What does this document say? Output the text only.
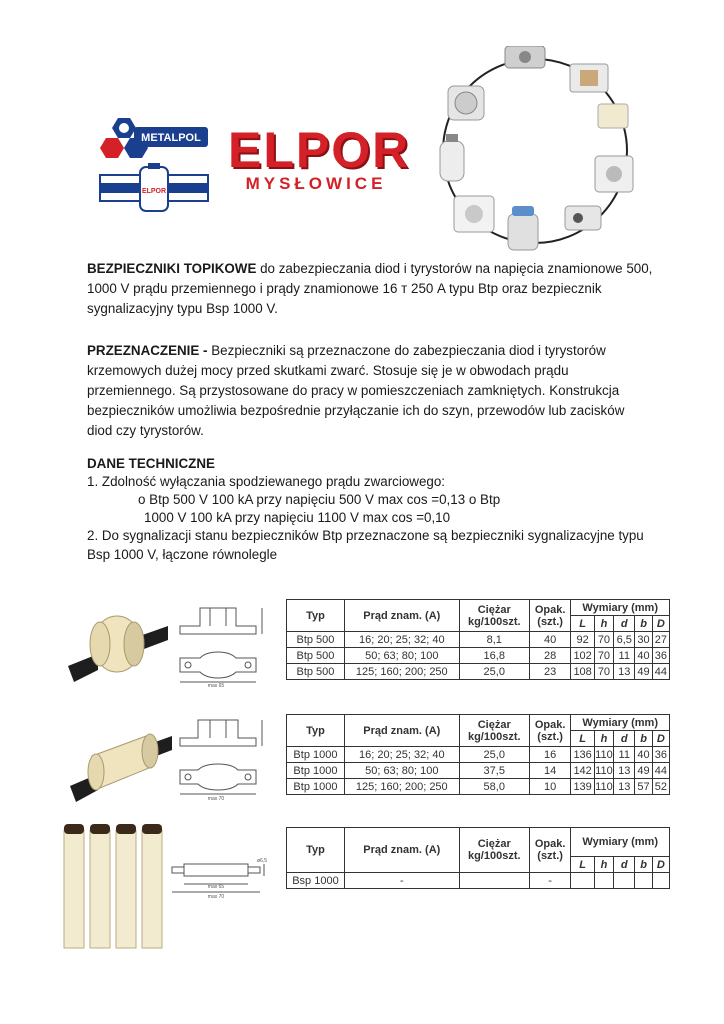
METALPOL
ELPOR
ELPOR
MYSŁOWICE
BEZPIECZNIKI TOPIKOWE do zabezpieczania diod i tyrystorów na napięcia znamionowe 500,
1000 V prądu przemiennego i prądy znamionowe 16 т 250 A typu Btp oraz bezpiecznik
sygnalizacyjny typu Bsp 1000 V.
PRZEZNACZENIE - Bezpieczniki są przeznaczone do zabezpieczania diod i tyrystorów
krzemowych dużej mocy przed skutkami zwarć. Stosuje się je w obwodach prądu
przemiennego. Są przystosowane do pracy w pomieszczeniach zamkniętych. Konstrukcja
bezpieczników umożliwia bezpośrednie przyłączanie ich do szyn, przewodów lub zacisków
diod czy tyrystorów.
DANE TECHNICZNE
1. Zdolność wyłączania spodziewanego prądu zwarciowego:
o Btp 500 V 100 kA przy napięciu 500 V max cos =0,13 o Btp
1000 V 100 kA przy napięciu 1100 V max cos =0,10
2. Do sygnalizacji stanu bezpieczników Btp przeznaczone są bezpieczniki sygnalizacyjne typu
Bsp 1000 V, łączone równolegle
max 65
Typ	Prąd znam. (A)	Ciężar kg/100szt.	Opak. (szt.)	Wymiary (mm)				
				L	h	d	b	D
Btp 500	16; 20; 25; 32; 40	8,1	40	92	70	6,5	30	27
Btp 500	50; 63; 80; 100	16,8	28	102	70	11	40	36
Btp 500	125; 160; 200; 250	25,0	23	108	70	13	49	44
max 70
Typ	Prąd znam. (A)	Ciężar kg/100szt.	Opak. (szt.)	Wymiary (mm)				
				L	h	d	b	D
Btp 1000	16; 20; 25; 32; 40	25,0	16	136	110	11	40	36
Btp 1000	50; 63; 80; 100	37,5	14	142	110	13	49	44
Btp 1000	125; 160; 200; 250	58,0	10	139	110	13	57	52
max 65
max 70
ø6,5
Typ	Prąd znam. (A)	Ciężar kg/100szt.	Opak. (szt.)	Wymiary (mm)				
				L	h	d	b	D
Bsp 1000	-		-					
